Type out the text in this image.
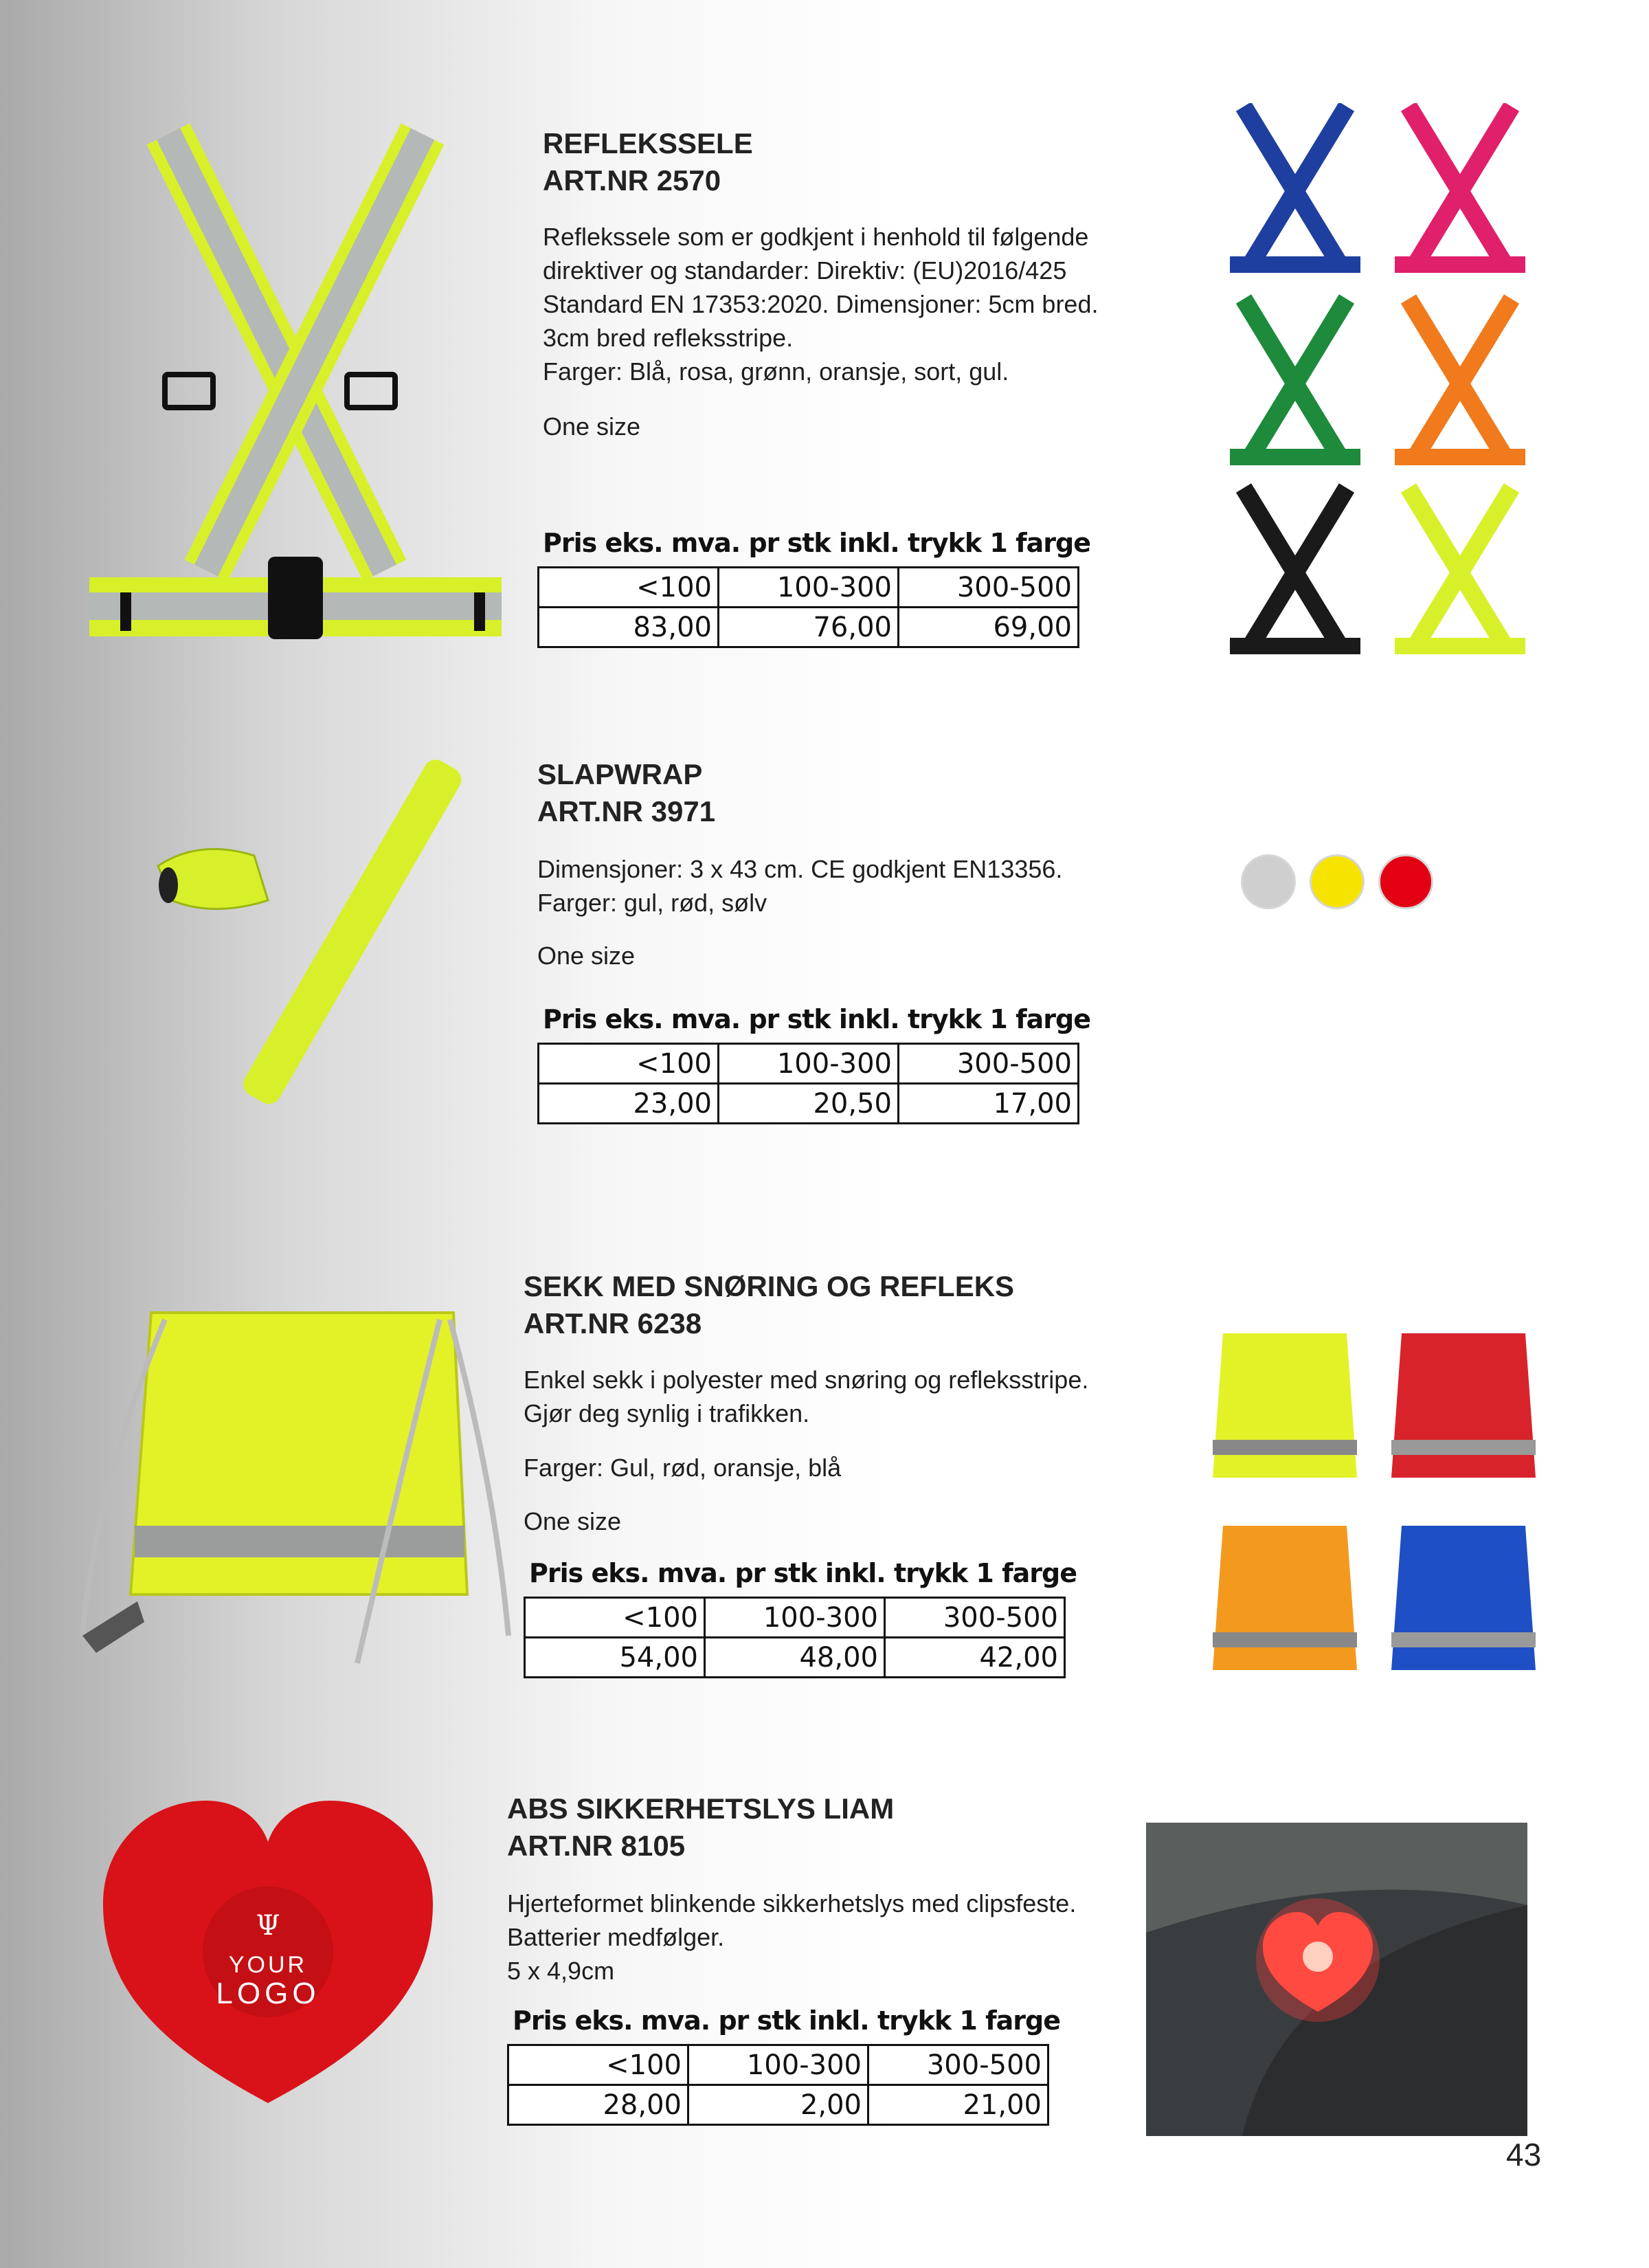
REFLEKSSELE
ART.NR 2570

Reflekssele som er godkjent i henhold til følgende
direktiver og standarder: Direktiv: (EU)2016/425
Standard EN 17353:2020. Dimensjoner: 5cm bred.
3cm bred refleksstripe.
Farger: Blå, rosa, grønn, oransje, sort, gul.

One size

Pris eks. mva. pr stk inkl. trykk 1 farge
<100	100-300	300-500
83,00	76,00	69,00
SLAPWRAP
ART.NR 3971

Dimensjoner: 3 x 43 cm. CE godkjent EN13356.
Farger: gul, rød, sølv

One size

Pris eks. mva. pr stk inkl. trykk 1 farge
<100	100-300	300-500
23,00	20,50	17,00
SEKK MED SNØRING OG REFLEKS
ART.NR 6238

Enkel sekk i polyester med snøring og refleksstripe.
Gjør deg synlig i trafikken.

Farger: Gul, rød, oransje, blå

One size

Pris eks. mva. pr stk inkl. trykk 1 farge
<100	100-300	300-500
54,00	48,00	42,00
Ψ
YOUR
LOGO
ABS SIKKERHETSLYS LIAM
ART.NR 8105

Hjerteformet blinkende sikkerhetslys med clipsfeste.
Batterier medfølger.
5 x 4,9cm

Pris eks. mva. pr stk inkl. trykk 1 farge
<100	100-300	300-500
28,00	2,00	21,00
43
